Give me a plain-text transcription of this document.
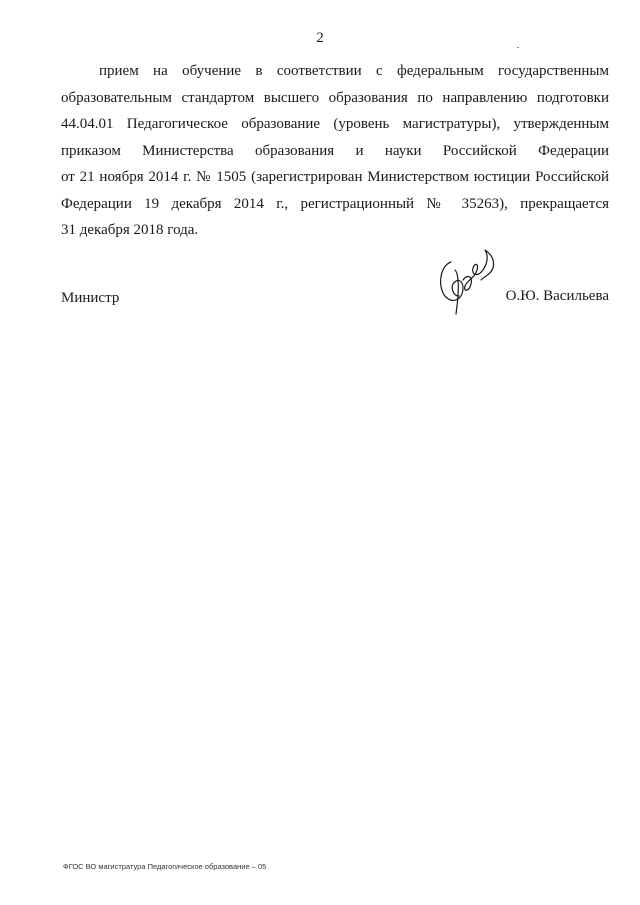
2
прием на обучение в соответствии с федеральным государственным
образовательным стандартом высшего образования по направлению подготовки
44.04.01 Педагогическое образование (уровень магистратуры), утвержденным
приказом Министерства образования и науки Российской Федерации
от 21 ноября 2014 г. № 1505 (зарегистрирован Министерством юстиции Российской
Федерации 19 декабря 2014 г., регистрационный № 35263), прекращается
31 декабря 2018 года.
Министр	О.Ю. Васильева
ФГОС ВО магистратура Педагогическое образование – 05
